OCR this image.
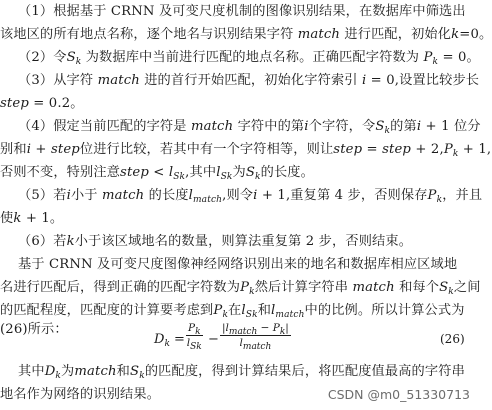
（1）根据基于 CRNN 及可变尺度机制的图像识别结果，在数据库中筛选出
该地区的所有地点名称，逐个地名与识别结果字符 match 进行匹配，初始化k=0。
（2）令$S_k$ 为数据库中当前进行匹配的地点名称。正确匹配字符数为 $P_k = 0$。
（3）从字符 match 进的首行开始匹配，初始化字符索引 i = 0,设置比较步长
step = 0.2。
（4）假定当前匹配的字符是 match 字符中的第i个字符，令$S_k$的第i + 1 位分
别和i + step位进行比较，若其中有一个字符相等，则让step = step + $2,P_k + 1$,
否则不变，特别注意step < $l_{Sk}$,其中$l_{Sk}$为$S_k$的长度。
（5）若i小于 match 的长度$l_{match}$,则令i + 1,重复第 4 步，否则保存$P_k$，并且
使k + 1。
（6）若k小于该区域地名的数量，则算法重复第 2 步，否则结束。
基于 CRNN 及可变尺度图像神经网络识别出来的地名和数据库相应区域地
名进行匹配后，得到正确的匹配字符数为$P_k$然后计算字符串 match 和每个$S_k$之间
的匹配程度，匹配度的计算要考虑到$P_k$在$l_{Sk}$和$l_{match}$中的比例。所以计算公式为
(26)所示：
$D_k$ =
$P_k$
$l_{Sk}$ −
$|l_{match} - P_k|$
$l_{match}$
(26)
其中$D_k$为match和$S_k$的匹配度，得到计算结果后，将匹配度值最高的字符串
地名作为网络的识别结果。	CSDN @m0_51330713
